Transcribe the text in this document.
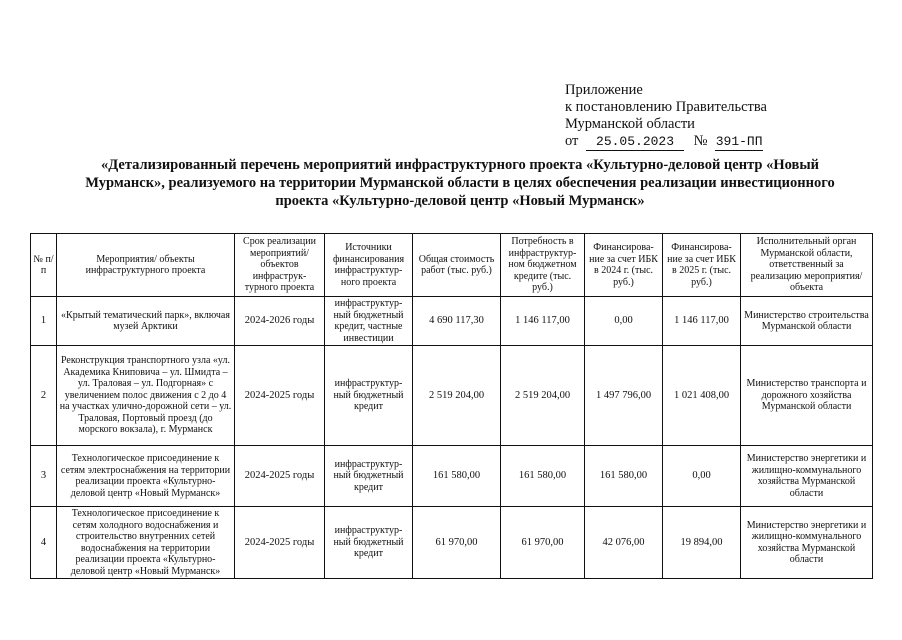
Приложение
к постановлению Правительства
Мурманской области
от 25.05.2023 № 391-ПП
«Детализированный перечень мероприятий инфраструктурного проекта «Культурно-деловой центр «Новый Мурманск», реализуемого на территории Мурманской области в целях обеспечения реализации инвестиционного проекта «Культурно-деловой центр «Новый Мурманск»
№ п/п	Мероприятия/ объекты инфраструктурного проекта	Срок реализации мероприятий/ объектов инфраструк-турного проекта	Источники финансирования инфраструктур-ного проекта	Общая стоимость работ (тыс. руб.)	Потребность в инфраструктур-ном бюджетном кредите (тыс. руб.)	Финансирова-ние за счет ИБК в 2024 г. (тыс. руб.)	Финансирова-ние за счет ИБК в 2025 г. (тыс. руб.)	Исполнительный орган Мурманской области, ответственный за реализацию мероприятия/объекта
1	«Крытый тематический парк», включая музей Арктики	2024-2026 годы	инфраструктур-ный бюджетный кредит, частные инвестиции	4 690 117,30	1 146 117,00	0,00	1 146 117,00	Министерство строительства Мурманской области
2	Реконструкция транспортного узла «ул. Академика Книповича – ул. Шмидта – ул. Траловая – ул. Подгорная» с увеличением полос движения с 2 до 4 на участках улично-дорожной сети – ул. Траловая, Портовый проезд (до морского вокзала), г. Мурманск	2024-2025 годы	инфраструктур-ный бюджетный кредит	2 519 204,00	2 519 204,00	1 497 796,00	1 021 408,00	Министерство транспорта и дорожного хозяйства Мурманской области
3	Технологическое присоединение к сетям электроснабжения на территории реализации проекта «Культурно-деловой центр «Новый Мурманск»	2024-2025 годы	инфраструктур-ный бюджетный кредит	161 580,00	161 580,00	161 580,00	0,00	Министерство энергетики и жилищно-коммунального хозяйства Мурманской области
4	Технологическое присоединение к сетям холодного водоснабжения и строительство внутренних сетей водоснабжения на территории реализации проекта «Культурно-деловой центр «Новый Мурманск»	2024-2025 годы	инфраструктур-ный бюджетный кредит	61 970,00	61 970,00	42 076,00	19 894,00	Министерство энергетики и жилищно-коммунального хозяйства Мурманской области
